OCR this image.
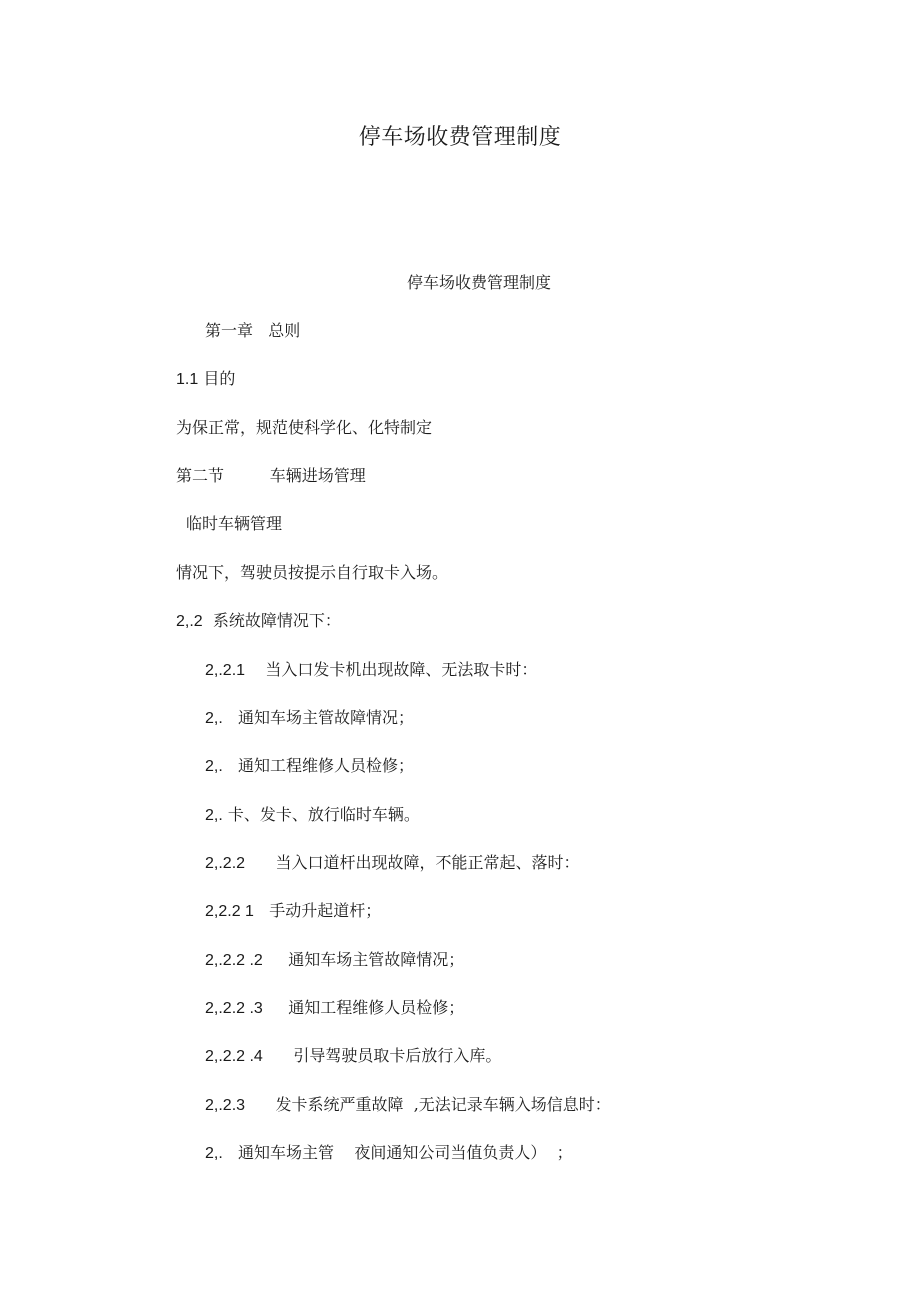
停车场收费管理制度
停车场收费管理制度

第一章   总则

1.1 目的

为保正常，规范使科学化、化特制定

第二节         车辆进场管理

临时车辆管理

情况下，驾驶员按提示自行取卡入场。

2,.2  系统故障情况下：

2,.2.1    当入口发卡机出现故障、无法取卡时：

2,.   通知车场主管故障情况；

2,.   通知工程维修人员检修；

2,. 卡、发卡、放行临时车辆。

2,.2.2      当入口道杆出现故障，不能正常起、落时：

2,2.2 1   手动升起道杆；

2,.2.2 .2     通知车场主管故障情况；

2,.2.2 .3     通知工程维修人员检修；

2,.2.2 .4      引导驾驶员取卡后放行入库。

2,.2.3      发卡系统严重故障  ,无法记录车辆入场信息时：

2,.   通知车场主管    夜间通知公司当值负责人）  ；
